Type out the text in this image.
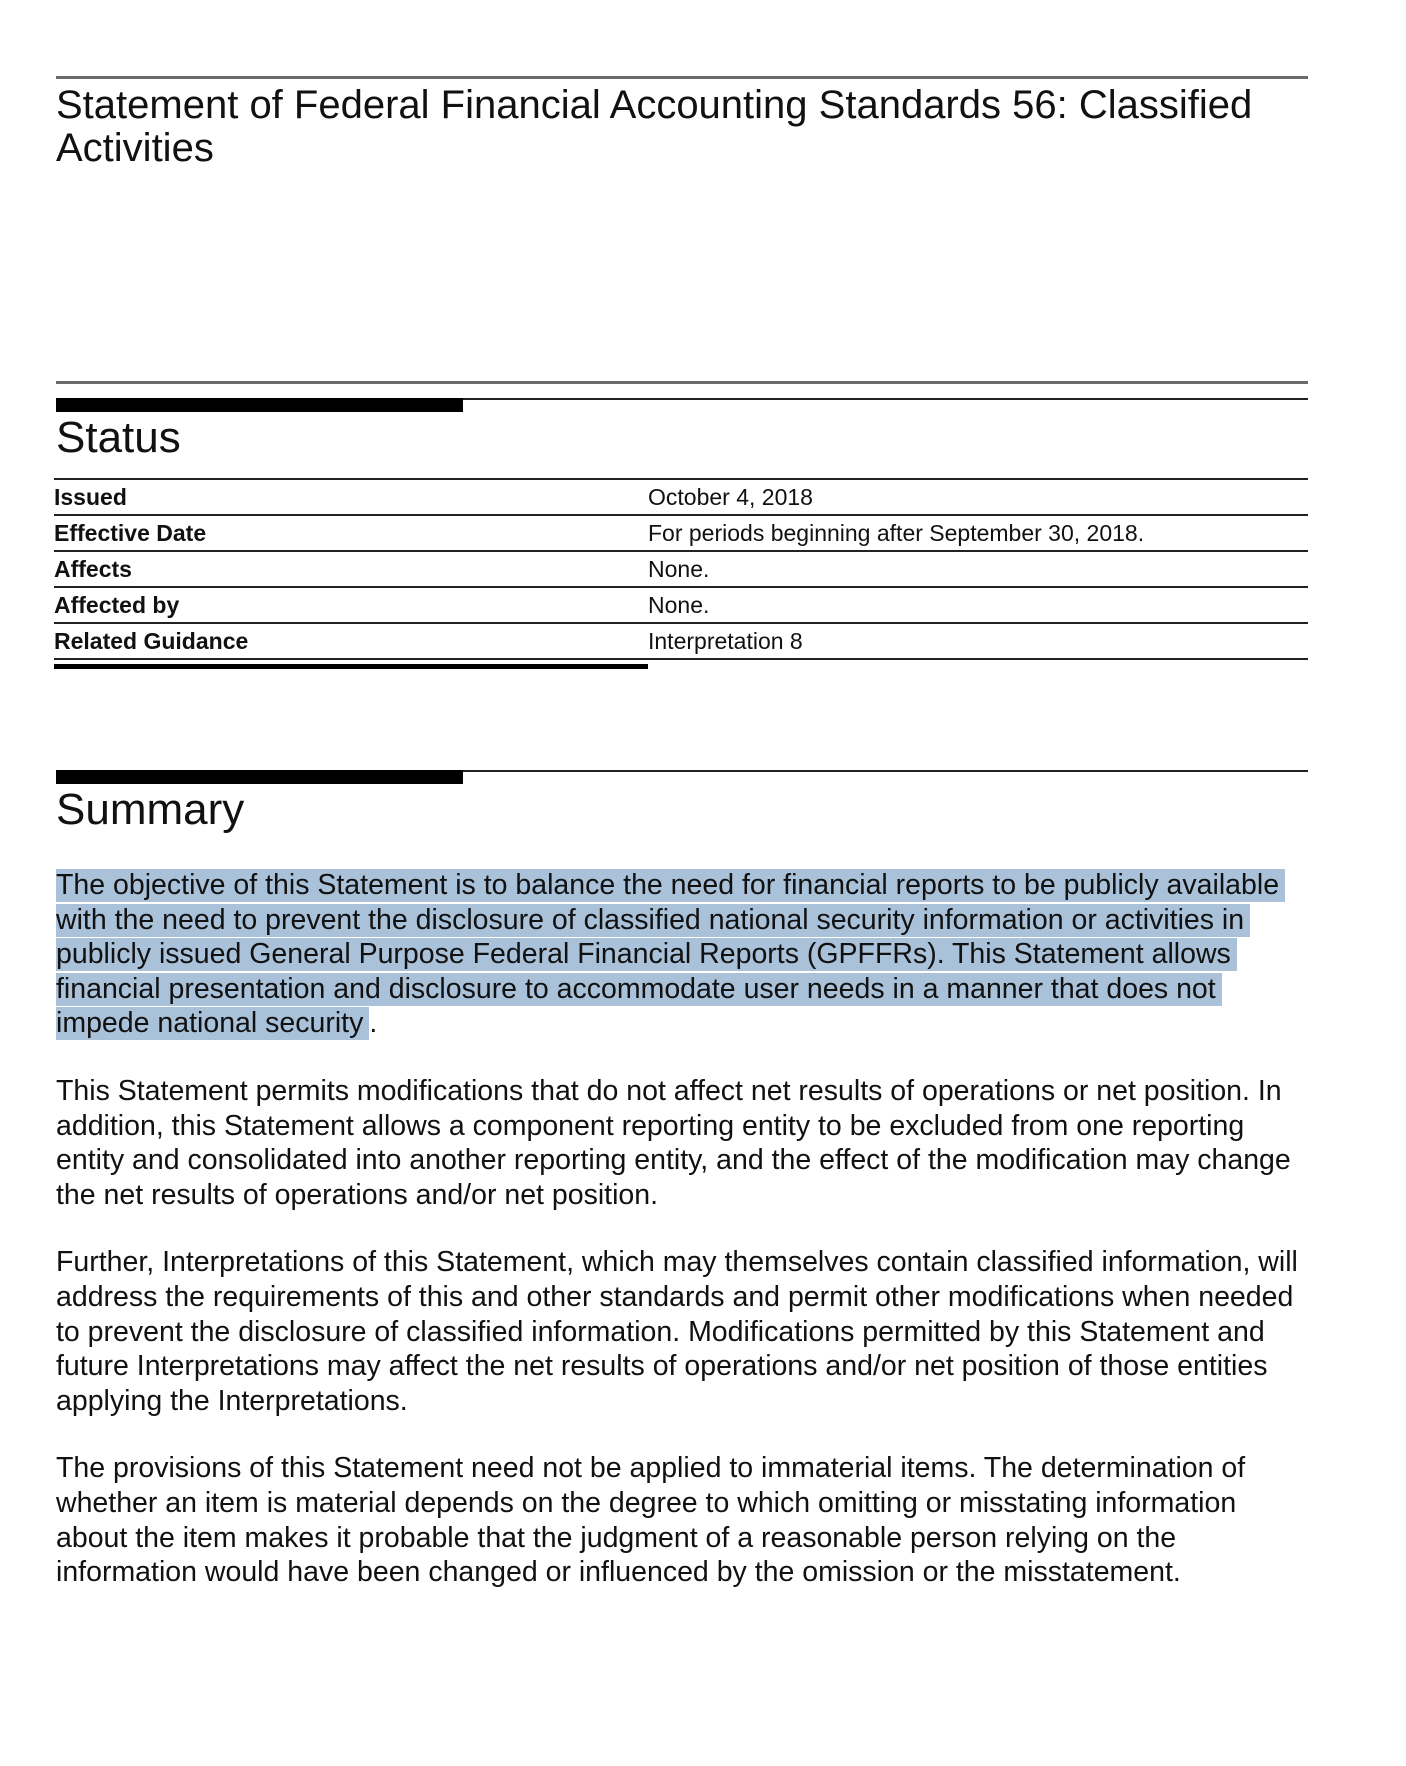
Statement of Federal Financial Accounting Standards 56: Classified Activities
Status
Issued	October 4, 2018
Effective Date	For periods beginning after September 30, 2018.
Affects	None.
Affected by	None.
Related Guidance	Interpretation 8
Summary

The objective of this Statement is to balance the need for financial reports to be publicly available with the need to prevent the disclosure of classified national security information or activities in publicly issued General Purpose Federal Financial Reports (GPFFRs). This Statement allows financial presentation and disclosure to accommodate user needs in a manner that does not impede national security .

This Statement permits modifications that do not affect net results of operations or net position. In addition, this Statement allows a component reporting entity to be excluded from one reporting entity and consolidated into another reporting entity, and the effect of the modification may change the net results of operations and/or net position.

Further, Interpretations of this Statement, which may themselves contain classified information, will address the requirements of this and other standards and permit other modifications when needed to prevent the disclosure of classified information. Modifications permitted by this Statement and future Interpretations may affect the net results of operations and/or net position of those entities applying the Interpretations.

The provisions of this Statement need not be applied to immaterial items. The determination of whether an item is material depends on the degree to which omitting or misstating information about the item makes it probable that the judgment of a reasonable person relying on the information would have been changed or influenced by the omission or the misstatement.
